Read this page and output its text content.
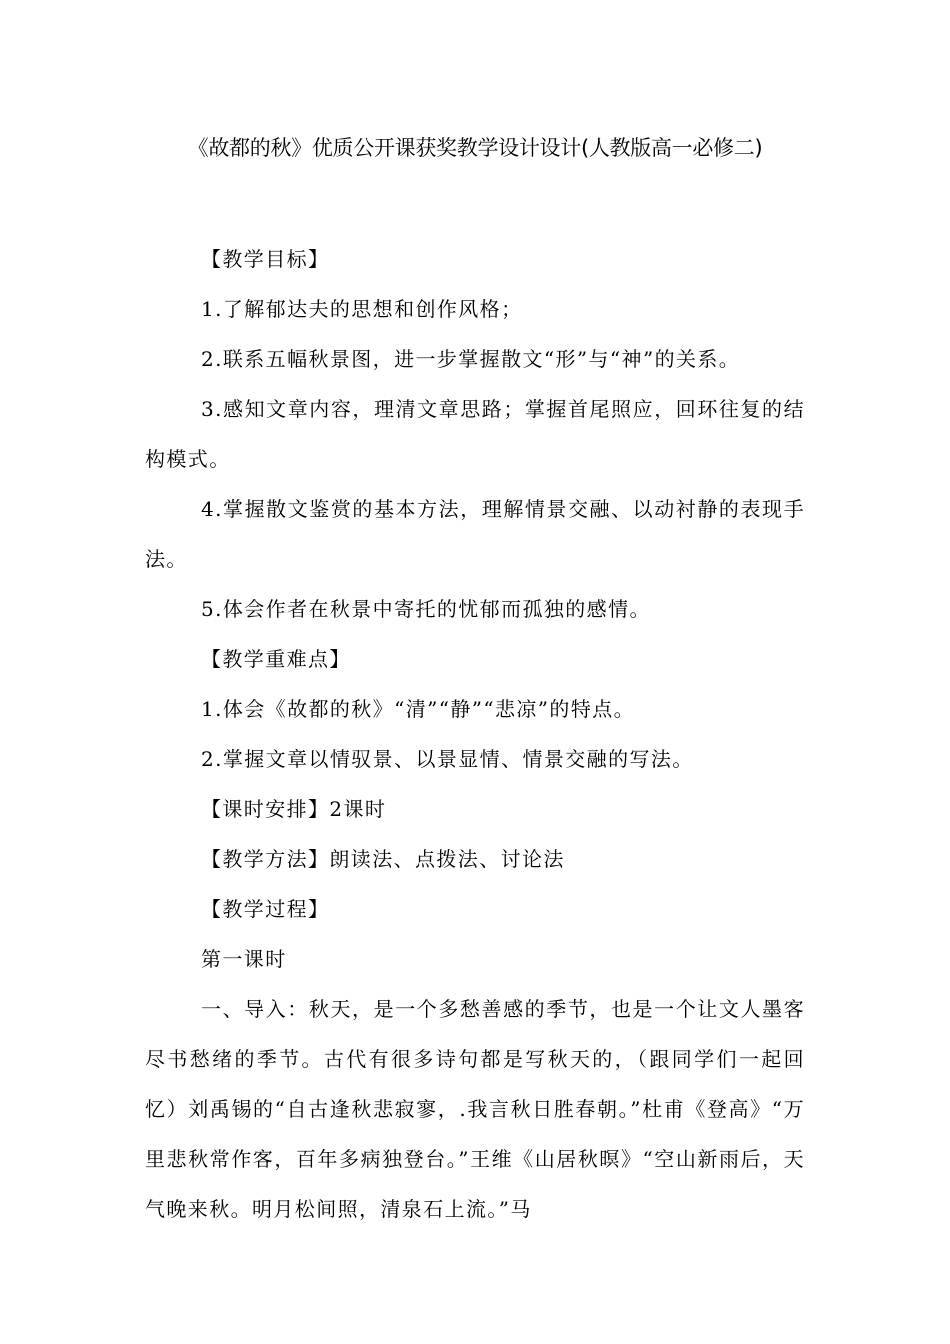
《故都的秋》优质公开课获奖教学设计设计(人教版高一必修二)

【教学目标】

1.了解郁达夫的思想和创作风格；

2.联系五幅秋景图，进一步掌握散文“形”与“神”的关系。

3.感知文章内容，理清文章思路；掌握首尾照应，回环往复的结构模式。

4.掌握散文鉴赏的基本方法，理解情景交融、以动衬静的表现手法。

5.体会作者在秋景中寄托的忧郁而孤独的感情。

【教学重难点】

1.体会《故都的秋》“清”“静”“悲凉”的特点。

2.掌握文章以情驭景、以景显情、情景交融的写法。

【课时安排】2课时

【教学方法】朗读法、点拨法、讨论法

【教学过程】

第一课时

一、导入：秋天，是一个多愁善感的季节，也是一个让文人墨客尽书愁绪的季节。古代有很多诗句都是写秋天的，（跟同学们一起回忆）刘禹锡的“自古逢秋悲寂寥，.我言秋日胜春朝。”杜甫《登高》“万里悲秋常作客，百年多病独登台。”王维《山居秋暝》“空山新雨后，天气晚来秋。明月松间照，清泉石上流。”马
